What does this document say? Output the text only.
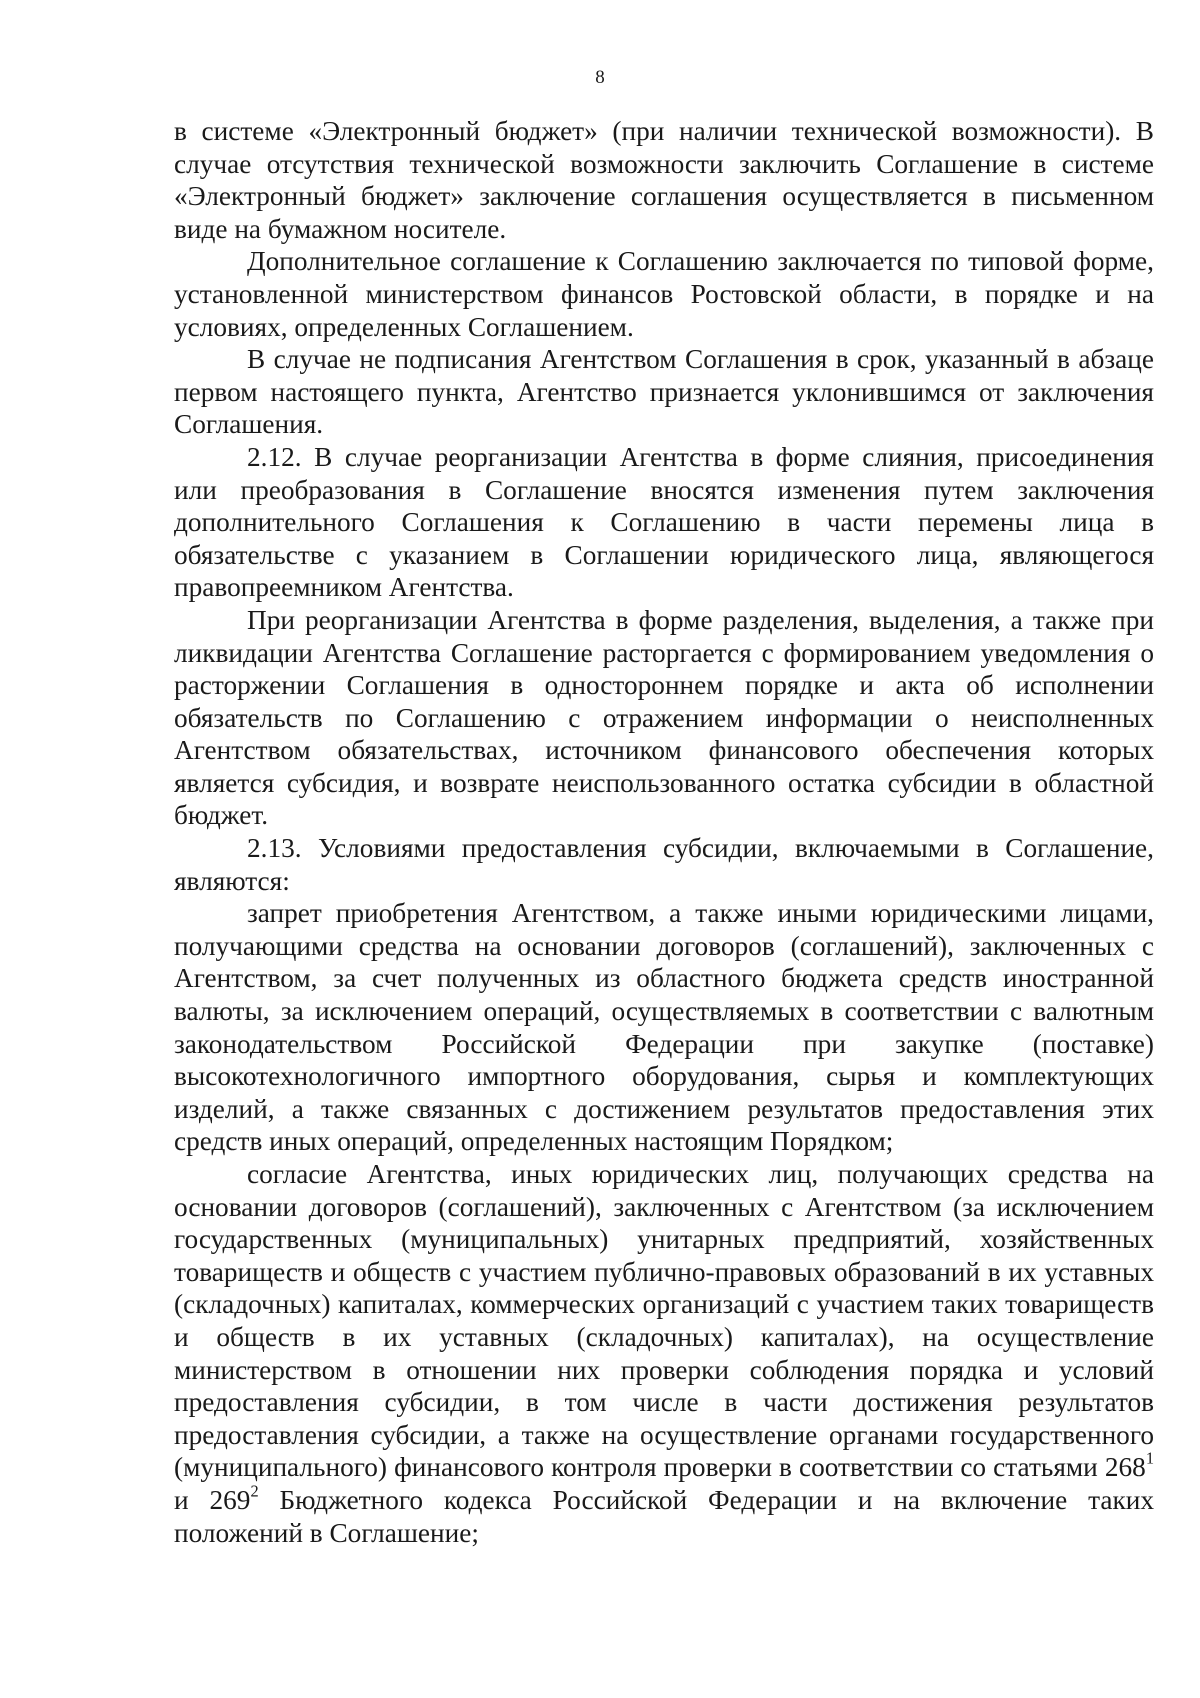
8

в системе «Электронный бюджет» (при наличии технической возможности). В случае отсутствия технической возможности заключить Соглашение в системе «Электронный бюджет» заключение соглашения осуществляется в письменном виде на бумажном носителе.

Дополнительное соглашение к Соглашению заключается по типовой форме, установленной министерством финансов Ростовской области, в порядке и на условиях, определенных Соглашением.

В случае не подписания Агентством Соглашения в срок, указанный в абзаце первом настоящего пункта, Агентство признается уклонившимся от заключения Соглашения.

2.12. В случае реорганизации Агентства в форме слияния, присоединения или преобразования в Соглашение вносятся изменения путем заключения дополнительного Соглашения к Соглашению в части перемены лица в обязательстве с указанием в Соглашении юридического лица, являющегося правопреемником Агентства.

При реорганизации Агентства в форме разделения, выделения, а также при ликвидации Агентства Соглашение расторгается с формированием уведомления о расторжении Соглашения в одностороннем порядке и акта об исполнении обязательств по Соглашению с отражением информации о неисполненных Агентством обязательствах, источником финансового обеспечения которых является субсидия, и возврате неиспользованного остатка субсидии в областной бюджет.

2.13. Условиями предоставления субсидии, включаемыми в Соглашение, являются:

запрет приобретения Агентством, а также иными юридическими лицами, получающими средства на основании договоров (соглашений), заключенных с Агентством, за счет полученных из областного бюджета средств иностранной валюты, за исключением операций, осуществляемых в соответствии с валютным законодательством Российской Федерации при закупке (поставке) высокотехнологичного импортного оборудования, сырья и комплектующих изделий, а также связанных с достижением результатов предоставления этих средств иных операций, определенных настоящим Порядком;

согласие Агентства, иных юридических лиц, получающих средства на основании договоров (соглашений), заключенных с Агентством (за исключением государственных (муниципальных) унитарных предприятий, хозяйственных товариществ и обществ с участием публично-правовых образований в их уставных (складочных) капиталах, коммерческих организаций с участием таких товариществ и обществ в их уставных (складочных) капиталах), на осуществление министерством в отношении них проверки соблюдения порядка и условий предоставления субсидии, в том числе в части достижения результатов предоставления субсидии, а также на осуществление органами государственного (муниципального) финансового контроля проверки в соответствии со статьями $268^1$ и $269^2$ Бюджетного кодекса Российской Федерации и на включение таких положений в Соглашение;
